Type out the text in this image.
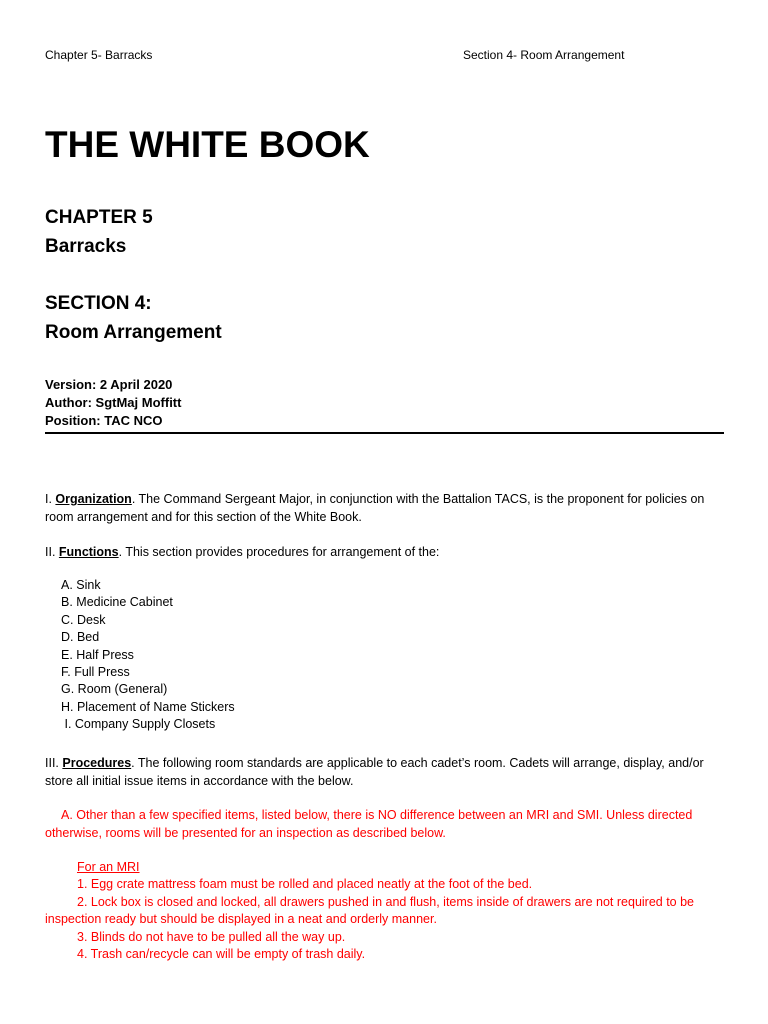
Chapter 5- Barracks	Section 4- Room Arrangement
THE WHITE BOOK
CHAPTER 5
Barracks
SECTION 4:
Room Arrangement
Version: 2 April 2020
Author: SgtMaj Moffitt
Position: TAC NCO

I. Organization. The Command Sergeant Major, in conjunction with the Battalion TACS, is the proponent for policies on room arrangement and for this section of the White Book.

II. Functions. This section provides procedures for arrangement of the:

A. Sink
B. Medicine Cabinet
C. Desk
D. Bed
E. Half Press
F. Full Press
G. Room (General)
H. Placement of Name Stickers
I. Company Supply Closets

III. Procedures. The following room standards are applicable to each cadet’s room. Cadets will arrange, display, and/or store all initial issue items in accordance with the below.

A. Other than a few specified items, listed below, there is NO difference between an MRI and SMI. Unless directed otherwise, rooms will be presented for an inspection as described below.

For an MRI
1. Egg crate mattress foam must be rolled and placed neatly at the foot of the bed.
2. Lock box is closed and locked, all drawers pushed in and flush, items inside of drawers are not required to be inspection ready but should be displayed in a neat and orderly manner.
3. Blinds do not have to be pulled all the way up.
4. Trash can/recycle can will be empty of trash daily.
